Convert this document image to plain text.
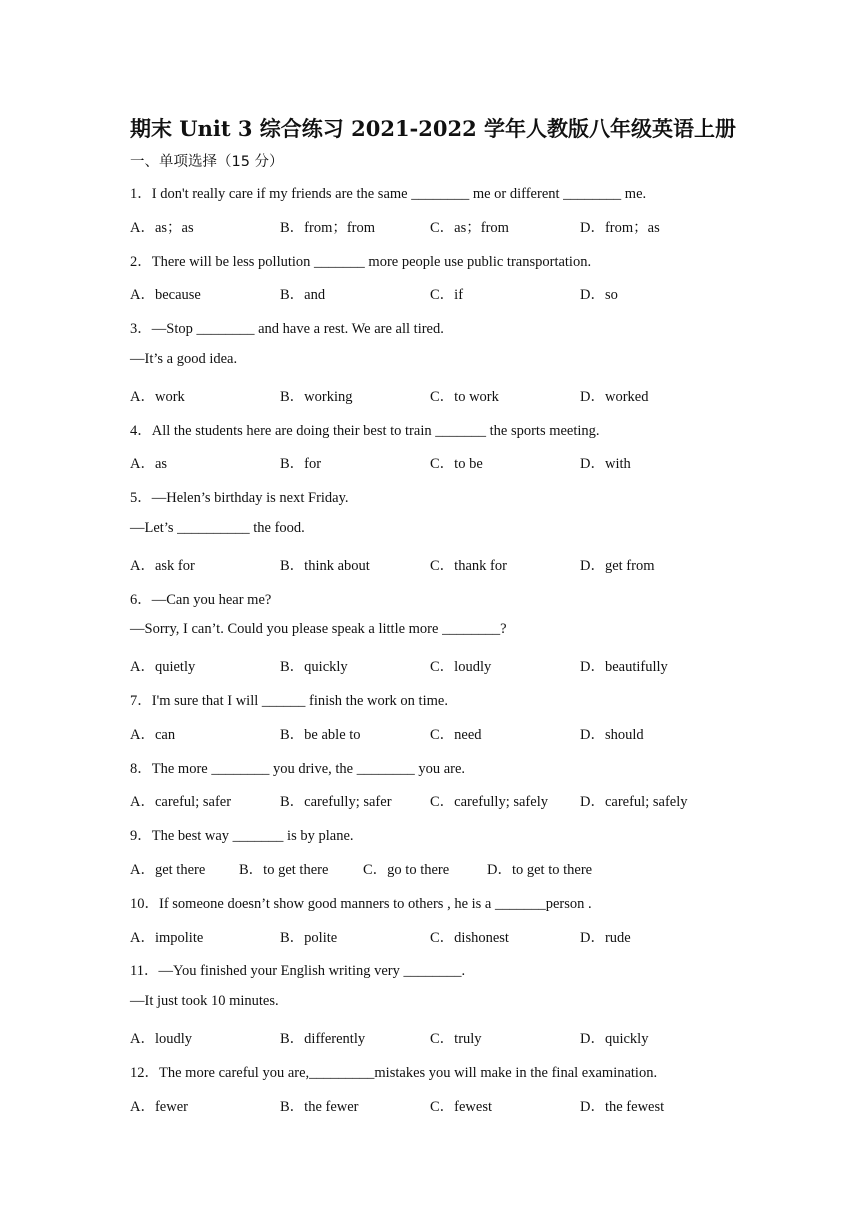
期末 Unit 3 综合练习 2021-2022 学年人教版八年级英语上册
一、单项选择（15 分）
1．I don't really care if my friends are the same ________ me or different ________ me.
A．as；as	B．from；from	C．as；from	D．from；as
2．There will be less pollution _______ more people use public transportation.
A．because	B．and	C．if	D．so
3．—Stop ________ and have a rest. We are all tired.
—It’s a good idea.
A．work	B．working	C．to work	D．worked
4．All the students here are doing their best to train _______ the sports meeting.
A．as	B．for	C．to be	D．with
5．—Helen’s birthday is next Friday.
—Let’s __________ the food.
A．ask for	B．think about	C．thank for	D．get from
6．—Can you hear me?
—Sorry, I can’t. Could you please speak a little more ________?
A．quietly	B．quickly	C．loudly	D．beautifully
7．I'm sure that I will ______ finish the work on time.
A．can	B．be able to	C．need	D．should
8．The more ________ you drive, the ________ you are.
A．careful; safer	B．carefully; safer	C．carefully; safely D．careful; safely
9．The best way _______ is by plane.
A．get there B．to get there C．go to there	D．to get to there
10．If someone doesn’t show good manners to others , he is a _______person .
A．impolite	B．polite	C．dishonest	D．rude
11．—You finished your English writing very ________.
—It just took 10 minutes.
A．loudly	B．differently	C．truly	D．quickly
12．The more careful you are,_________mistakes you will make in the final examination.
A．fewer	B．the fewer	C．fewest	D．the fewest
